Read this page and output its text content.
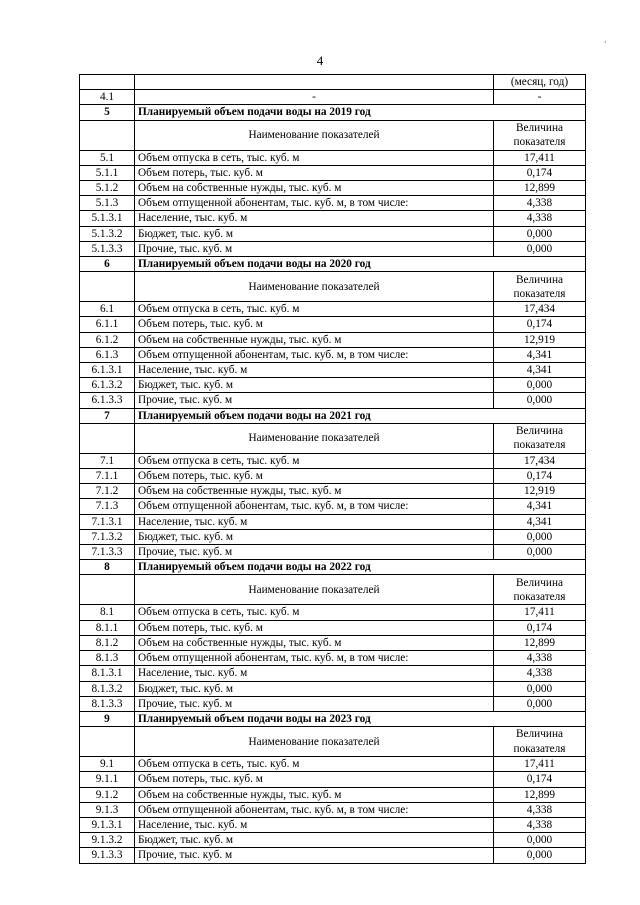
4
·
		(месяц, год)
4.1	-	-
5	Планируемый объем подачи воды на 2019 год	
	Наименование показателей	Величина
показателя

5.1	Объем отпуска в сеть, тыс. куб. м	17,411
5.1.1	Объем потерь, тыс. куб. м	0,174
5.1.2	Объем на собственные нужды, тыс. куб. м	12,899
5.1.3	Объем отпущенной абонентам, тыс. куб. м, в том числе:	4,338
5.1.3.1	Население, тыс. куб. м	4,338
5.1.3.2	Бюджет, тыс. куб. м	0,000
5.1.3.3	Прочие, тыс. куб. м	0,000
6	Планируемый объем подачи воды на 2020 год	
	Наименование показателей	Величина
показателя

6.1	Объем отпуска в сеть, тыс. куб. м	17,434
6.1.1	Объем потерь, тыс. куб. м	0,174
6.1.2	Объем на собственные нужды, тыс. куб. м	12,919
6.1.3	Объем отпущенной абонентам, тыс. куб. м, в том числе:	4,341
6.1.3.1	Население, тыс. куб. м	4,341
6.1.3.2	Бюджет, тыс. куб. м	0,000
6.1.3.3	Прочие, тыс. куб. м	0,000
7	Планируемый объем подачи воды на 2021 год	
	Наименование показателей	Величина
показателя

7.1	Объем отпуска в сеть, тыс. куб. м	17,434
7.1.1	Объем потерь, тыс. куб. м	0,174
7.1.2	Объем на собственные нужды, тыс. куб. м	12,919
7.1.3	Объем отпущенной абонентам, тыс. куб. м, в том числе:	4,341
7.1.3.1	Население, тыс. куб. м	4,341
7.1.3.2	Бюджет, тыс. куб. м	0,000
7.1.3.3	Прочие, тыс. куб. м	0,000
8	Планируемый объем подачи воды на 2022 год	
	Наименование показателей	Величина
показателя

8.1	Объем отпуска в сеть, тыс. куб. м	17,411
8.1.1	Объем потерь, тыс. куб. м	0,174
8.1.2	Объем на собственные нужды, тыс. куб. м	12,899
8.1.3	Объем отпущенной абонентам, тыс. куб. м, в том числе:	4,338
8.1.3.1	Население, тыс. куб. м	4,338
8.1.3.2	Бюджет, тыс. куб. м	0,000
8.1.3.3	Прочие, тыс. куб. м	0,000
9	Планируемый объем подачи воды на 2023 год	
	Наименование показателей	Величина
показателя

9.1	Объем отпуска в сеть, тыс. куб. м	17,411
9.1.1	Объем потерь, тыс. куб. м	0,174
9.1.2	Объем на собственные нужды, тыс. куб. м	12,899
9.1.3	Объем отпущенной абонентам, тыс. куб. м, в том числе:	4,338
9.1.3.1	Население, тыс. куб. м	4,338
9.1.3.2	Бюджет, тыс. куб. м	0,000
9.1.3.3	Прочие, тыс. куб. м	0,000
